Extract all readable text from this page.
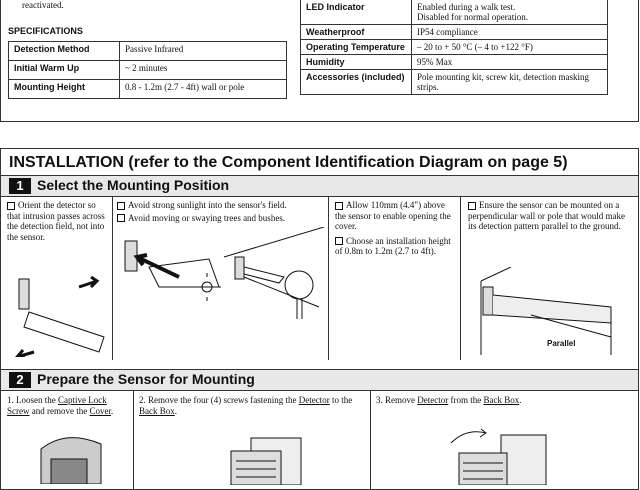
reactivated.
SPECIFICATIONS
Detection Method	Passive Infrared
Initial Warm Up	~ 2 minutes
Mounting Height	0.8 - 1.2m (2.7 - 4ft) wall or pole
LED Indicator	Enabled during a walk test.
Disabled for normal operation.

Weatherproof	IP54 compliance
Operating Temperature	– 20 to + 50 °C (– 4 to +122 °F)
Humidity	95% Max
Accessories (included)	Pole mounting kit, screw kit, detection masking strips.
INSTALLATION (refer to the Component Identification Diagram on page 5)
1 Select the Mounting Position
Orient the detector so that intrusion passes across the detection field, not into the sensor.
Avoid strong sunlight into the sensor's field.
Avoid moving or swaying trees and bushes.
Allow 110mm (4.4") above the sensor to enable opening the cover.
Choose an installation height of 0.8m to 1.2m (2.7 to 4ft).
Ensure the sensor can be mounted on a perpendicular wall or pole that would make its detection pattern parallel to the ground.
Parallel
2 Prepare the Sensor for Mounting
1. Loosen the Captive Lock Screw and remove the Cover.
2. Remove the four (4) screws fastening the Detector to the Back Box.
3. Remove Detector from the Back Box.
